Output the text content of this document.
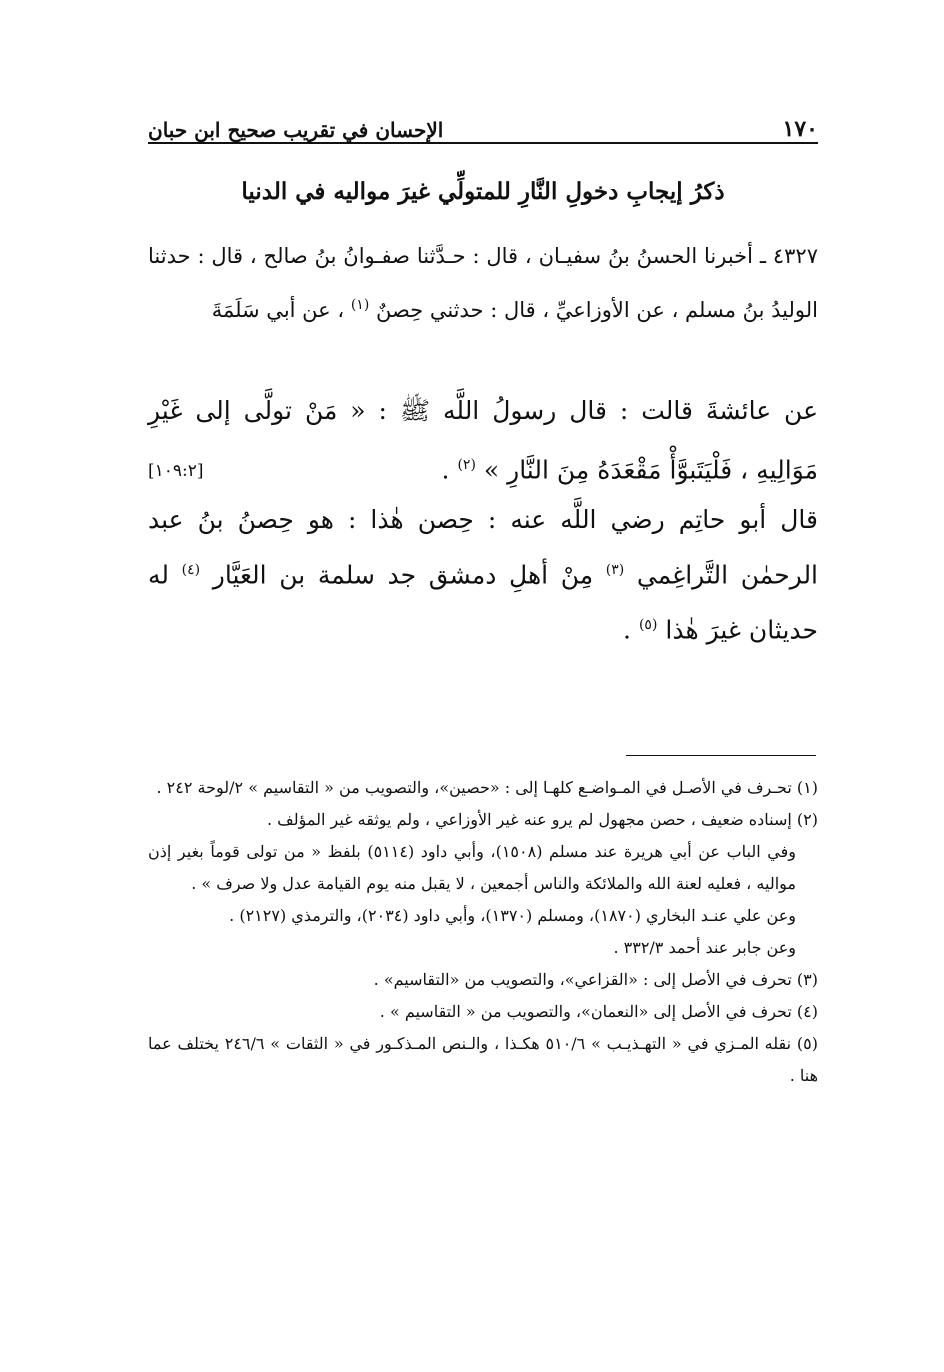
١٧٠
الإحسان في تقريب صحيح ابن حبان
ذكرُ إيجابِ دخولِ النَّارِ للمتولِّي غيرَ مواليه في الدنيا
٤٣٢٧ ـ أخبرنا الحسنُ بنُ سفيـان ، قال : حـدَّثنا صفـوانُ بنُ صالح ، قال : حدثنا الوليدُ بنُ مسلم ، عن الأوزاعيِّ ، قال : حدثني حِصنٌ $^{(١)}$ ، عن أبي سَلَمَةَ
عن عائشةَ قالت : قال رسولُ اللَّه ﷺ : « مَنْ تولَّى إلى غَيْرِ مَوَالِيهِ ، فَلْيَتَبوَّأْ مَقْعَدَهُ مِنَ النَّارِ » $^{(٢)}$ .
[١٠٩:٢]
قال أبو حاتِم رضي اللَّه عنه : حِصن هٰذا : هو حِصنُ بنُ عبد الرحمٰن التَّراغِمي $^{(٣)}$ مِنْ أهلِ دمشق جد سلمة بن العَيَّار $^{(٤)}$ له حديثان غيرَ هٰذا $^{(٥)}$ .

(١) تحـرف في الأصـل في المـواضـع كلهـا إلى : «حصين»، والتصويب من « التقاسيم » ٢/لوحة ٢٤٢ .

(٢) إسناده ضعيف ، حصن مجهول لم يرو عنه غير الأوزاعي ، ولم يوثقه غير المؤلف .

وفي الباب عن أبي هريرة عند مسلم (١٥٠٨)، وأبي داود (٥١١٤) بلفظ « من تولى قوماً بغير إذن مواليه ، فعليه لعنة الله والملائكة والناس أجمعين ، لا يقبل منه يوم القيامة عدل ولا صرف » .

وعن علي عنـد البخاري (١٨٧٠)، ومسلم (١٣٧٠)، وأبي داود (٢٠٣٤)، والترمذي (٢١٢٧) .

وعن جابر عند أحمد ٣٣٢/٣ .

(٣) تحرف في الأصل إلى : «القزاعي»، والتصويب من «التقاسيم» .

(٤) تحرف في الأصل إلى «النعمان»، والتصويب من « التقاسيم » .

(٥) نقله المـزي في « التهـذيـب » ٥١٠/٦ هكـذا ، والـنص المـذكـور في « الثقات » ٢٤٦/٦ يختلف عما هنا .
